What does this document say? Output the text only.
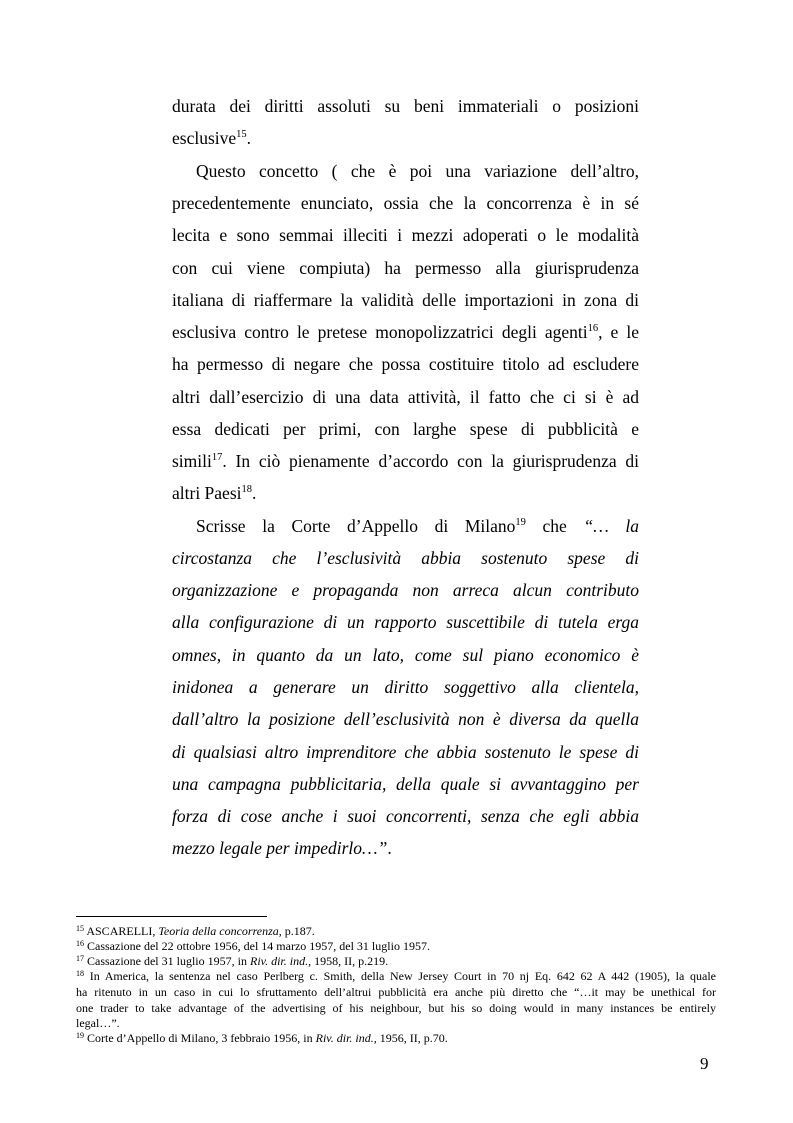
durata dei diritti assoluti su beni immateriali o posizioni
esclusive$^{15}$.
Questo concetto ( che è poi una variazione dell’altro,
precedentemente enunciato, ossia che la concorrenza è in sé
lecita e sono semmai illeciti i mezzi adoperati o le modalità
con cui viene compiuta) ha permesso alla giurisprudenza
italiana di riaffermare la validità delle importazioni in zona di
esclusiva contro le pretese monopolizzatrici degli agenti$^{16}$, e le
ha permesso di negare che possa costituire titolo ad escludere
altri dall’esercizio di una data attività, il fatto che ci si è ad
essa dedicati per primi, con larghe spese di pubblicità e
simili$^{17}$. In ciò pienamente d’accordo con la giurisprudenza di
altri Paesi$^{18}$.
Scrisse la Corte d’Appello di Milano$^{19}$ che “… la
circostanza che l’esclusività abbia sostenuto spese di
organizzazione e propaganda non arreca alcun contributo
alla configurazione di un rapporto suscettibile di tutela erga
omnes, in quanto da un lato, come sul piano economico è
inidonea a generare un diritto soggettivo alla clientela,
dall’altro la posizione dell’esclusività non è diversa da quella
di qualsiasi altro imprenditore che abbia sostenuto le spese di
una campagna pubblicitaria, della quale si avvantaggino per
forza di cose anche i suoi concorrenti, senza che egli abbia
mezzo legale per impedirlo…”.
$^{15}$ ASCARELLI, Teoria della concorrenza, p.187.
$^{16}$ Cassazione del 22 ottobre 1956, del 14 marzo 1957, del 31 luglio 1957.
$^{17}$ Cassazione del 31 luglio 1957, in Riv. dir. ind., 1958, II, p.219.
$^{18}$ In America, la sentenza nel caso Perlberg c. Smith, della New Jersey Court in 70 nj Eq. 642 62 A 442 (1905), la quale
ha ritenuto in un caso in cui lo sfruttamento dell’altrui pubblicità era anche più diretto che “…it may be unethical for
one trader to take advantage of the advertising of his neighbour, but his so doing would in many instances be entirely
legal…”.
$^{19}$ Corte d’Appello di Milano, 3 febbraio 1956, in Riv. dir. ind., 1956, II, p.70.
9
